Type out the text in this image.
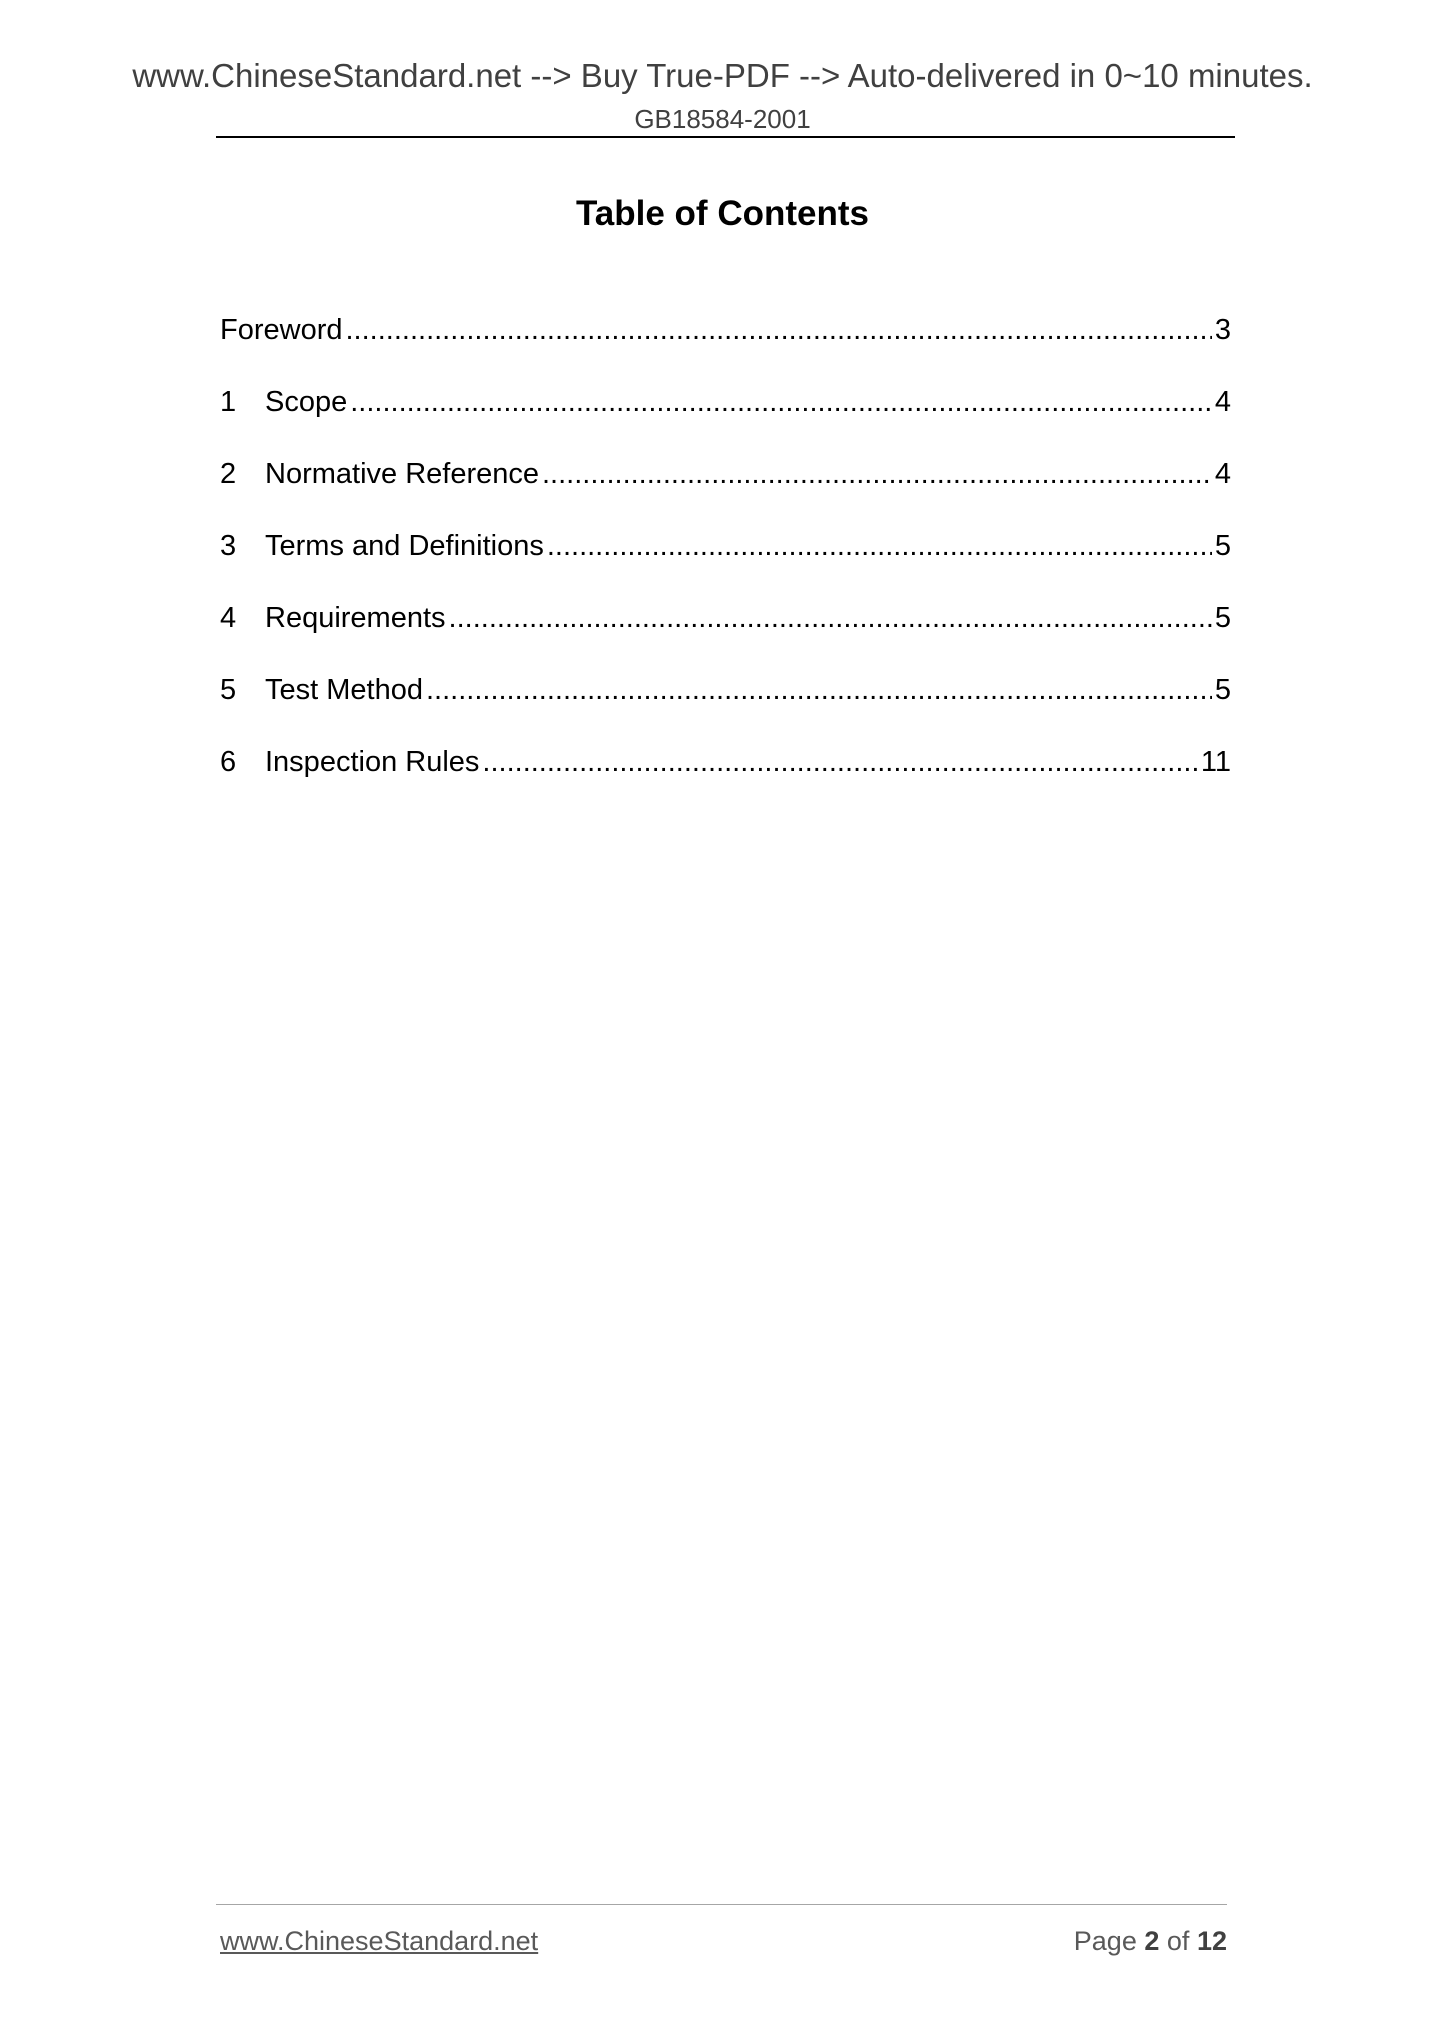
www.ChineseStandard.net --> Buy True-PDF --> Auto-delivered in 0~10 minutes.
GB18584-2001
Table of Contents
Foreword .....	3
1 Scope .....	4
2 Normative Reference .....	4
3 Terms and Definitions .....	5
4 Requirements .....	5
5 Test Method .....	5
6 Inspection Rules .....	11
www.ChineseStandard.net	Page 2 of 12
